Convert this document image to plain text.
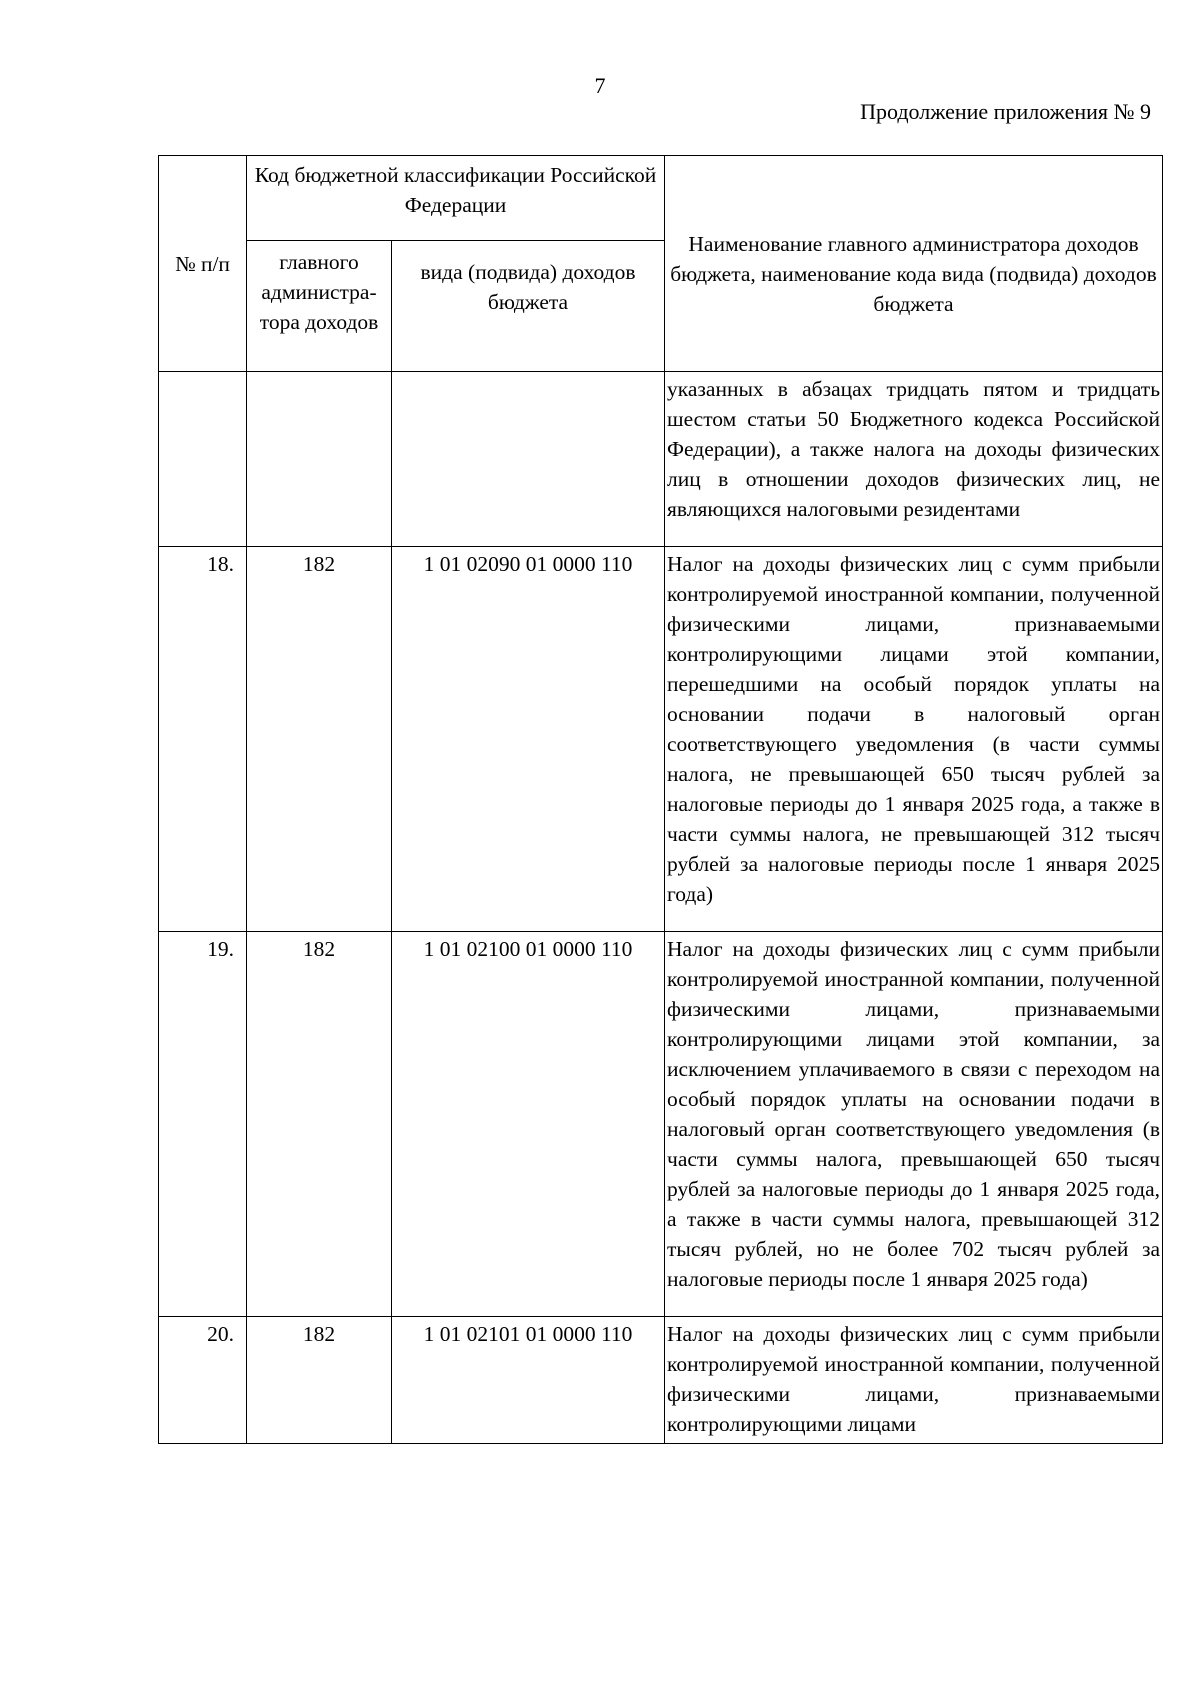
7
Продолжение приложения № 9
№ п/п	Код бюджетной классификации Российской Федерации		Наименование главного администратора доходов бюджета, наименование кода вида (подвида) доходов бюджета
	главного администра-тора доходов	вида (подвида) доходов бюджета	
			указанных в абзацах тридцать пятом и тридцать шестом статьи 50 Бюджетного кодекса Российской Федерации), а также налога на доходы физических лиц в отношении доходов физических лиц, не являющихся налоговыми резидентами
18.	182	1 01 02090 01 0000 110	Налог на доходы физических лиц с сумм прибыли контролируемой иностранной компании, полученной физическими лицами, признаваемыми контролирующими лицами этой компании, перешедшими на особый порядок уплаты на основании подачи в налоговый орган соответствующего уведомления (в части суммы налога, не превышающей 650 тысяч рублей за налоговые периоды до 1 января 2025 года, а также в части суммы налога, не превышающей 312 тысяч рублей за налоговые периоды после 1 января 2025 года)
19.	182	1 01 02100 01 0000 110	Налог на доходы физических лиц с сумм прибыли контролируемой иностранной компании, полученной физическими лицами, признаваемыми контролирующими лицами этой компании, за исключением уплачиваемого в связи с переходом на особый порядок уплаты на основании подачи в налоговый орган соответствующего уведомления (в части суммы налога, превышающей 650 тысяч рублей за налоговые периоды до 1 января 2025 года, а также в части суммы налога, превышающей 312 тысяч рублей, но не более 702 тысяч рублей за налоговые периоды после 1 января 2025 года)
20.	182	1 01 02101 01 0000 110	Налог на доходы физических лиц с сумм прибыли контролируемой иностранной компании, полученной физическими лицами, признаваемыми контролирующими лицами
